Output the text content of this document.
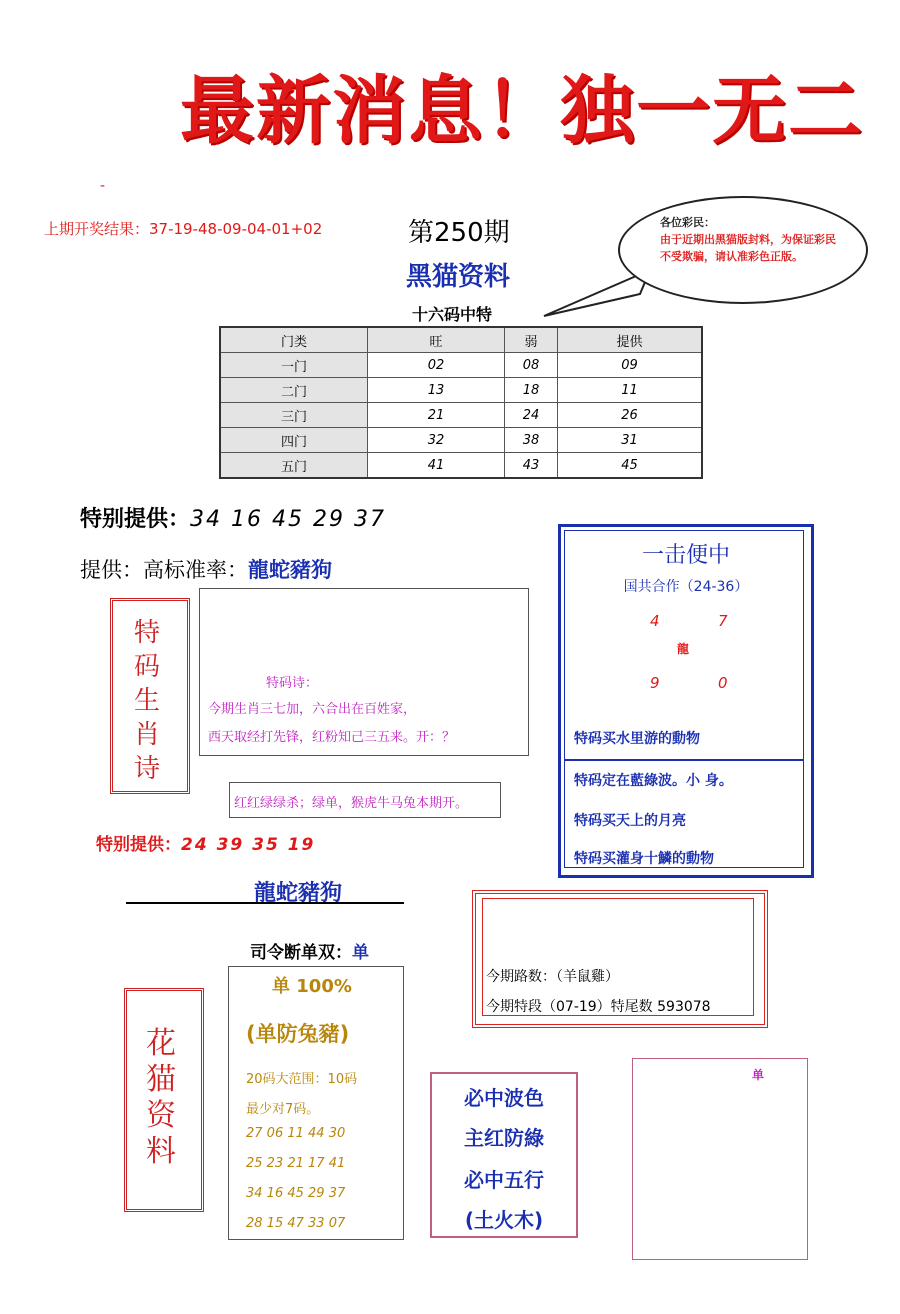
最新消息！独一无二
-
上期开奖结果：37-19-48-09-04-01+02	第250期	各位彩民：
由于近期出黑猫版封料，为保证彩民不受欺骗，请认准彩色正版。
黑猫资料
十六码中特
门类	旺	弱	提供
一门	02	08	09
二门	13	18	11
三门	21	24	26
四门	32	38	31
五门	41	43	45
特别提供：34 16 45 29 37
提供：高标准率：龍蛇豬狗
特
码
生
肖
诗
特码诗：
今期生肖三七加，六合出在百姓家，
西天取经打先锋，红粉知己三五来。开：？
红红绿绿杀；绿单，猴虎牛马兔本期开。
特别提供：24 39 35 19
一击便中
国共合作（24-36）
4	7
龍
9	0
特码买水里游的動物
特码定在藍綠波。小 身。
特码买天上的月亮
特码买灌身十鱗的動物
龍蛇豬狗
司令断单双：单
单 100%
(单防兔豬)
20码大范围：10码
最少对7码。
27 06 11 44 30
25 23 21 17 41
34 16 45 29 37
28 15 47 33 07
花
猫
资
料
今期路数：（羊鼠雞）
今期特段（07-19）特尾数 593078
必中波色
主红防綠
必中五行
(土火木)
单
